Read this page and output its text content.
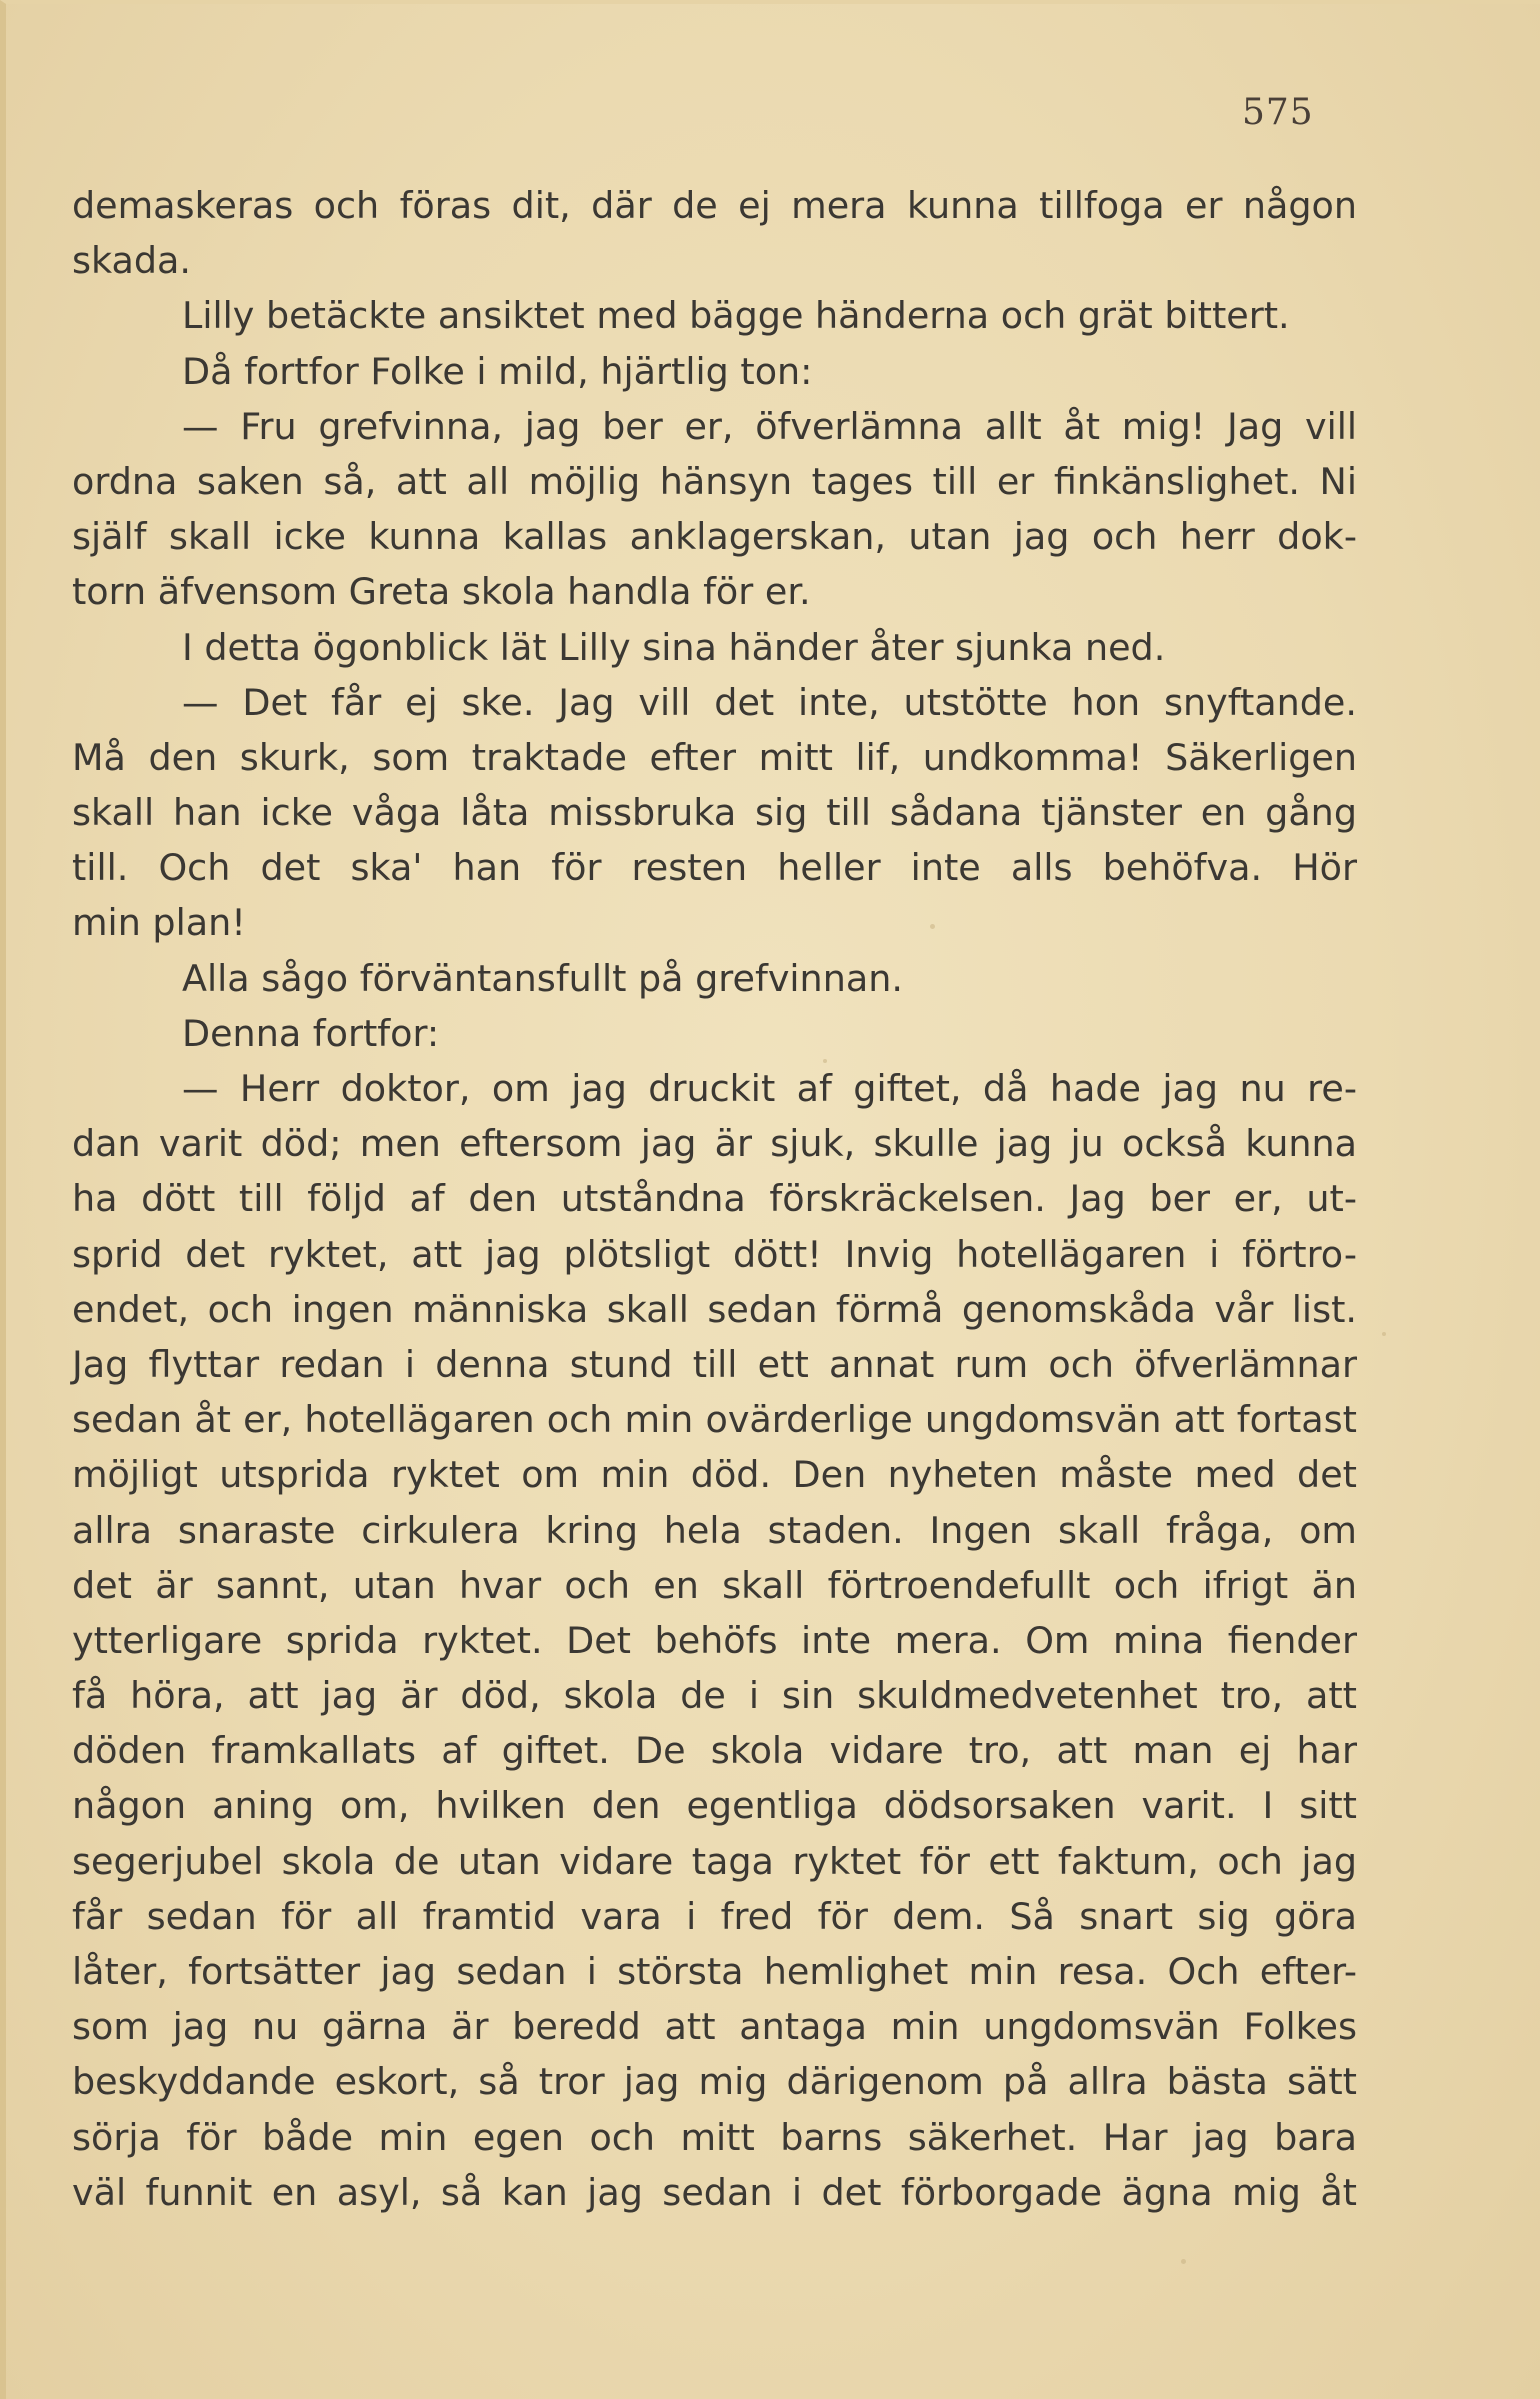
575
demaskeras och föras dit, där de ej mera kunna tillfoga er någon
skada.
Lilly betäckte ansiktet med bägge händerna och grät bittert.
Då fortfor Folke i mild, hjärtlig ton:
— Fru grefvinna, jag ber er, öfverlämna allt åt mig! Jag vill
ordna saken så, att all möjlig hänsyn tages till er finkänslighet. Ni
själf skall icke kunna kallas anklagerskan, utan jag och herr dok-
torn äfvensom Greta skola handla för er.
I detta ögonblick lät Lilly sina händer åter sjunka ned.
— Det får ej ske. Jag vill det inte, utstötte hon snyftande.
Må den skurk, som traktade efter mitt lif, undkomma! Säkerligen
skall han icke våga låta missbruka sig till sådana tjänster en gång
till. Och det ska' han för resten heller inte alls behöfva. Hör
min plan!
Alla sågo förväntansfullt på grefvinnan.
Denna fortfor:
— Herr doktor, om jag druckit af giftet, då hade jag nu re-
dan varit död; men eftersom jag är sjuk, skulle jag ju också kunna
ha dött till följd af den utståndna förskräckelsen. Jag ber er, ut-
sprid det ryktet, att jag plötsligt dött! Invig hotellägaren i förtro-
endet, och ingen människa skall sedan förmå genomskåda vår list.
Jag flyttar redan i denna stund till ett annat rum och öfverlämnar
sedan åt er, hotellägaren och min ovärderlige ungdomsvän att fortast
möjligt utsprida ryktet om min död. Den nyheten måste med det
allra snaraste cirkulera kring hela staden. Ingen skall fråga, om
det är sannt, utan hvar och en skall förtroendefullt och ifrigt än
ytterligare sprida ryktet. Det behöfs inte mera. Om mina fiender
få höra, att jag är död, skola de i sin skuldmedvetenhet tro, att
döden framkallats af giftet. De skola vidare tro, att man ej har
någon aning om, hvilken den egentliga dödsorsaken varit. I sitt
segerjubel skola de utan vidare taga ryktet för ett faktum, och jag
får sedan för all framtid vara i fred för dem. Så snart sig göra
låter, fortsätter jag sedan i största hemlighet min resa. Och efter-
som jag nu gärna är beredd att antaga min ungdomsvän Folkes
beskyddande eskort, så tror jag mig därigenom på allra bästa sätt
sörja för både min egen och mitt barns säkerhet. Har jag bara
väl funnit en asyl, så kan jag sedan i det förborgade ägna mig åt
